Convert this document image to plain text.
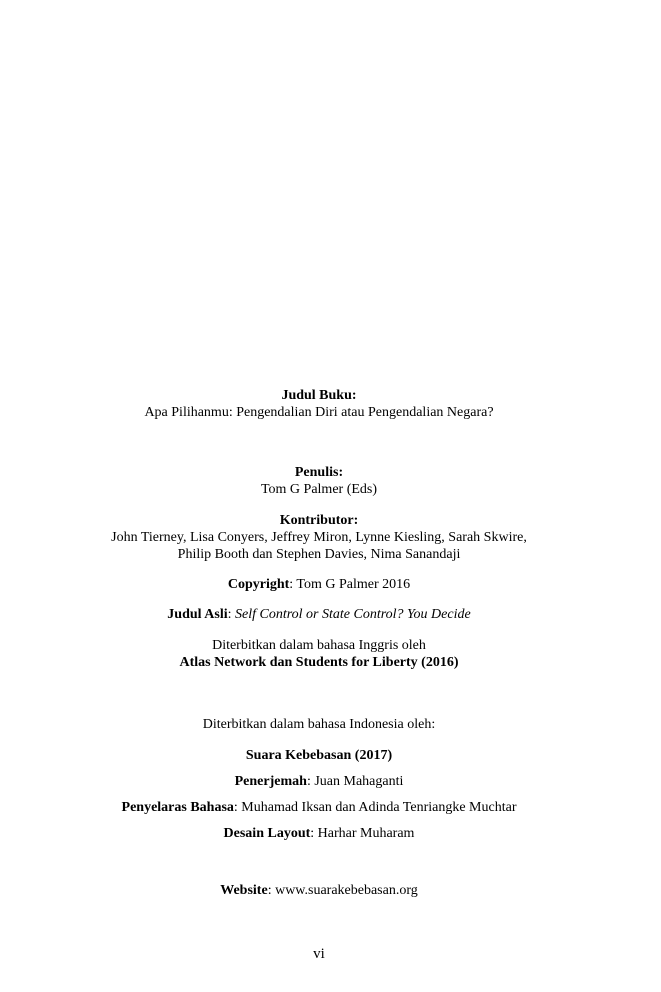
Judul Buku:
Apa Pilihanmu: Pengendalian Diri atau Pengendalian Negara?
Penulis:
Tom G Palmer (Eds)
Kontributor:
John Tierney, Lisa Conyers, Jeffrey Miron, Lynne Kiesling, Sarah Skwire,
Philip Booth dan Stephen Davies, Nima Sanandaji
Copyright: Tom G Palmer 2016
Judul Asli: Self Control or State Control? You Decide
Diterbitkan dalam bahasa Inggris oleh
Atlas Network dan Students for Liberty (2016)
Diterbitkan dalam bahasa Indonesia oleh:
Suara Kebebasan (2017)
Penerjemah: Juan Mahaganti
Penyelaras Bahasa: Muhamad Iksan dan Adinda Tenriangke Muchtar
Desain Layout: Harhar Muharam
Website: www.suarakebebasan.org
vi
